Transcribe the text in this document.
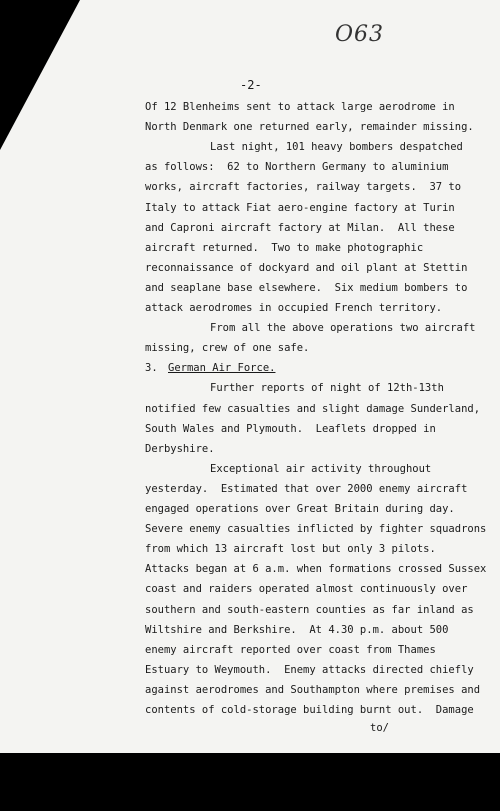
O63
-2-
Of 12 Blenheims sent to attack large aerodrome in
North Denmark one returned early, remainder missing.
Last night, 101 heavy bombers despatched
as follows:  62 to Northern Germany to aluminium
works, aircraft factories, railway targets.  37 to
Italy to attack Fiat aero-engine factory at Turin
and Caproni aircraft factory at Milan.  All these
aircraft returned.  Two to make photographic
reconnaissance of dockyard and oil plant at Stettin
and seaplane base elsewhere.  Six medium bombers to
attack aerodromes in occupied French territory.
From all the above operations two aircraft
missing, crew of one safe.
3. German Air Force.
Further reports of night of 12th-13th
notified few casualties and slight damage Sunderland,
South Wales and Plymouth.  Leaflets dropped in
Derbyshire.
Exceptional air activity throughout
yesterday.  Estimated that over 2000 enemy aircraft
engaged operations over Great Britain during day.
Severe enemy casualties inflicted by fighter squadrons
from which 13 aircraft lost but only 3 pilots.
Attacks began at 6 a.m. when formations crossed Sussex
coast and raiders operated almost continuously over
southern and south-eastern counties as far inland as
Wiltshire and Berkshire.  At 4.30 p.m. about 500
enemy aircraft reported over coast from Thames
Estuary to Weymouth.  Enemy attacks directed chiefly
against aerodromes and Southampton where premises and
contents of cold-storage building burnt out.  Damage
to/
